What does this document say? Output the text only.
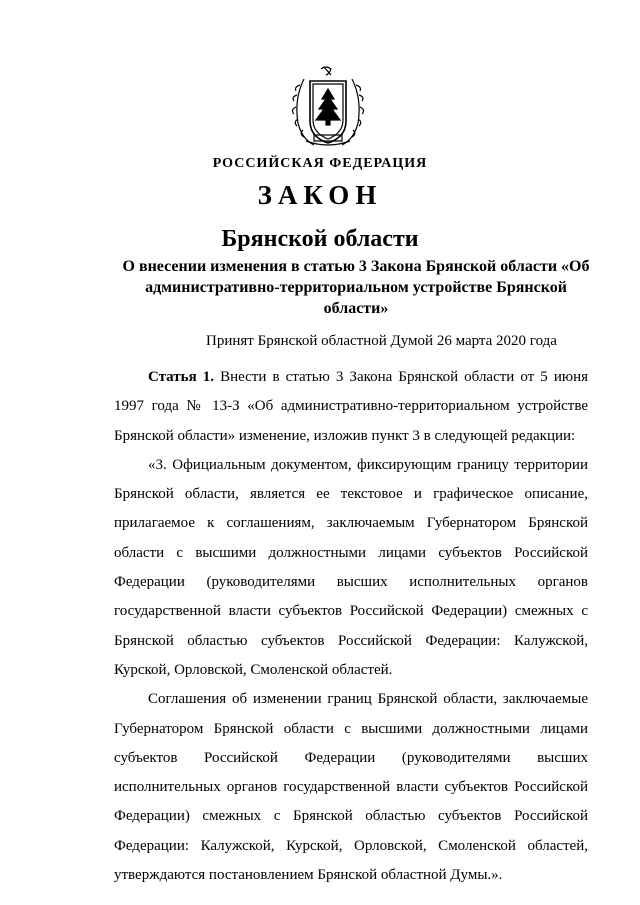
РОССИЙСКАЯ ФЕДЕРАЦИЯ
ЗАКОН
Брянской области
О внесении изменения в статью 3 Закона Брянской области «Об административно-территориальном устройстве Брянской области»
Принят Брянской областной Думой 26 марта 2020 года

Статья 1. Внести в статью 3 Закона Брянской области от 5 июня 1997 года № 13-З «Об административно-территориальном устройстве Брянской области» изменение, изложив пункт 3 в следующей редакции:

«3. Официальным документом, фиксирующим границу территории Брянской области, является ее текстовое и графическое описание, прилагаемое к соглашениям, заключаемым Губернатором Брянской области с высшими должностными лицами субъектов Российской Федерации (руководителями высших исполнительных органов государственной власти субъектов Российской Федерации) смежных с Брянской областью субъектов Российской Федерации: Калужской, Курской, Орловской, Смоленской областей.

Соглашения об изменении границ Брянской области, заключаемые Губернатором Брянской области с высшими должностными лицами субъектов Российской Федерации (руководителями высших исполнительных органов государственной власти субъектов Российской Федерации) смежных с Брянской областью субъектов Российской Федерации: Калужской, Курской, Орловской, Смоленской областей, утверждаются постановлением Брянской областной Думы.».
